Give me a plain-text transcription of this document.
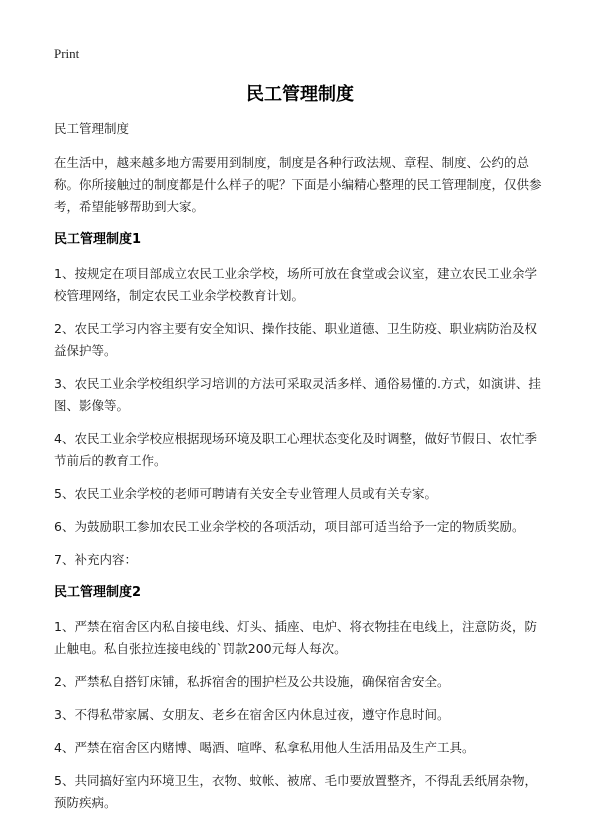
Print
民工管理制度
民工管理制度
在生活中，越来越多地方需要用到制度，制度是各种行政法规、章程、制度、公约的总称。你所接触过的制度都是什么样子的呢？下面是小编精心整理的民工管理制度，仅供参考，希望能够帮助到大家。
民工管理制度1
1、按规定在项目部成立农民工业余学校，场所可放在食堂或会议室，建立农民工业余学校管理网络，制定农民工业余学校教育计划。
2、农民工学习内容主要有安全知识、操作技能、职业道德、卫生防疫、职业病防治及权益保护等。
3、农民工业余学校组织学习培训的方法可采取灵活多样、通俗易懂的.方式，如演讲、挂图、影像等。
4、农民工业余学校应根据现场环境及职工心理状态变化及时调整，做好节假日、农忙季节前后的教育工作。
5、农民工业余学校的老师可聘请有关安全专业管理人员或有关专家。
6、为鼓励职工参加农民工业余学校的各项活动，项目部可适当给予一定的物质奖励。
7、补充内容：
民工管理制度2
1、严禁在宿舍区内私自接电线、灯头、插座、电炉、将衣物挂在电线上，注意防炎，防止触电。私自张拉连接电线的`罚款200元每人每次。
2、严禁私自搭钉床铺，私拆宿舍的围护栏及公共设施，确保宿舍安全。
3、不得私带家属、女朋友、老乡在宿舍区内休息过夜，遵守作息时间。
4、严禁在宿舍区内赌博、喝酒、喧哗、私拿私用他人生活用品及生产工具。
5、共同搞好室内环境卫生，衣物、蚊帐、被席、毛巾要放置整齐，不得乱丢纸屑杂物，预防疾病。
